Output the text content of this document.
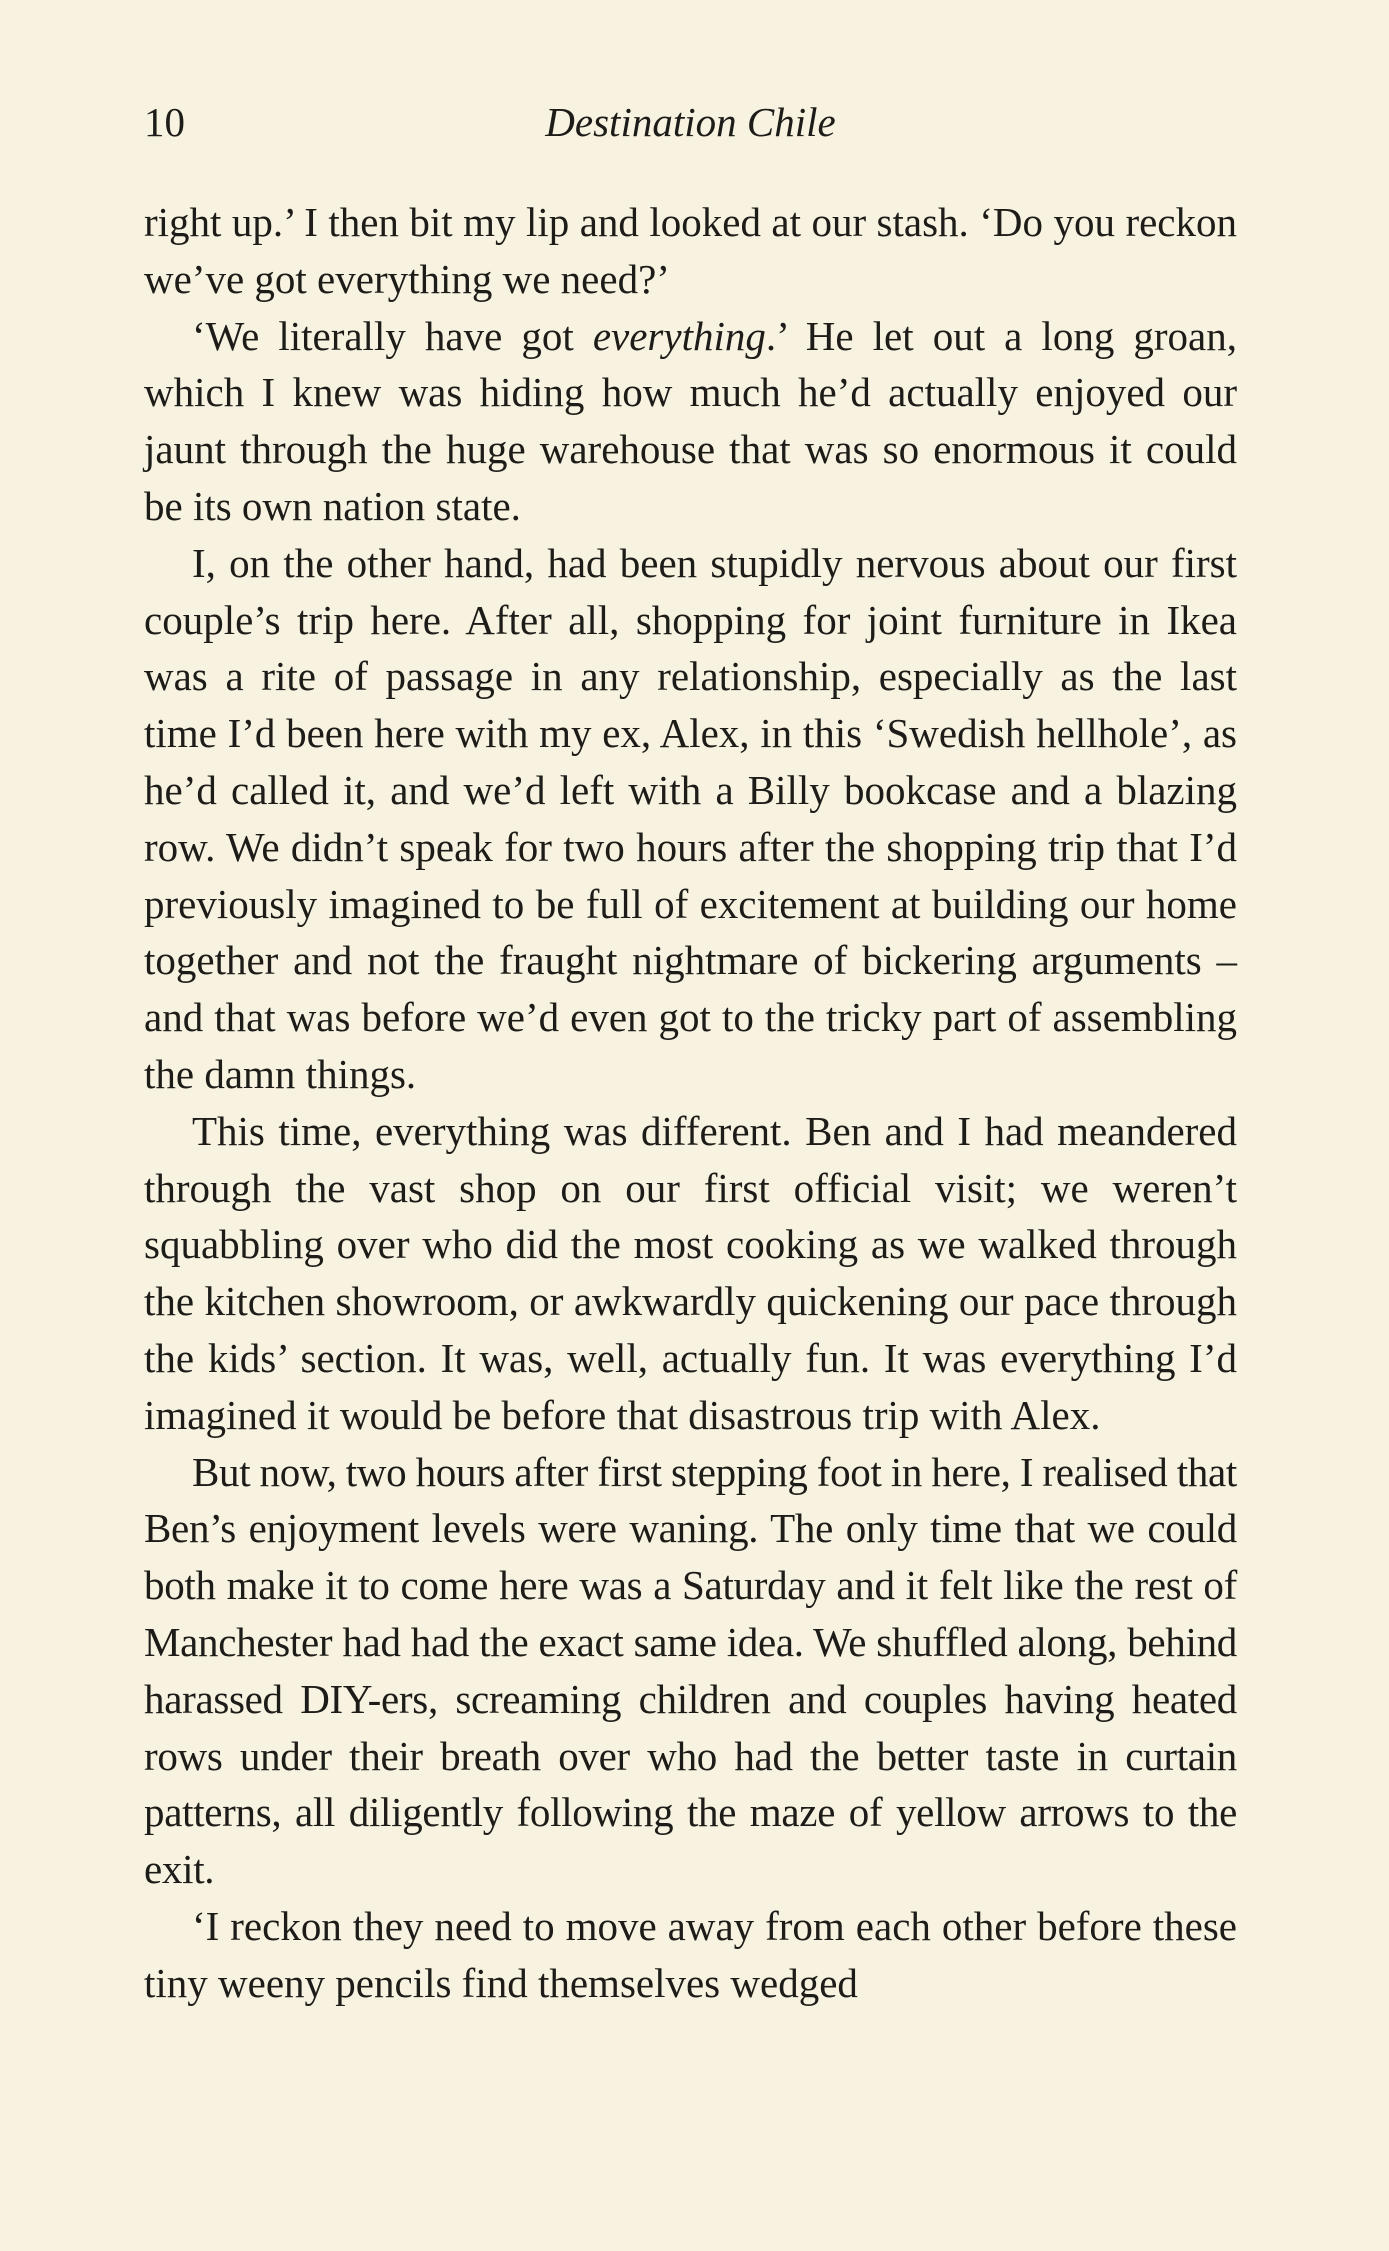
10	Destination Chile

right up.’ I then bit my lip and looked at our stash. ‘Do you reckon we’ve got everything we need?’

‘We literally have got everything.’ He let out a long groan, which I knew was hiding how much he’d actually enjoyed our jaunt through the huge warehouse that was so enormous it could be its own nation state.

I, on the other hand, had been stupidly nervous about our first couple’s trip here. After all, shopping for joint furniture in Ikea was a rite of passage in any relationship, especially as the last time I’d been here with my ex, Alex, in this ‘Swedish hellhole’, as he’d called it, and we’d left with a Billy bookcase and a blazing row. We didn’t speak for two hours after the shopping trip that I’d previously imagined to be full of excitement at building our home together and not the fraught nightmare of bickering arguments – and that was before we’d even got to the tricky part of assembling the damn things.

This time, everything was different. Ben and I had meandered through the vast shop on our first official visit; we weren’t squabbling over who did the most cooking as we walked through the kitchen showroom, or awkwardly quickening our pace through the kids’ section. It was, well, actually fun. It was everything I’d imagined it would be before that disastrous trip with Alex.

But now, two hours after first stepping foot in here, I realised that Ben’s enjoyment levels were waning. The only time that we could both make it to come here was a Saturday and it felt like the rest of Manchester had had the exact same idea. We shuffled along, behind harassed DIY-ers, screaming children and couples having heated rows under their breath over who had the better taste in curtain patterns, all diligently following the maze of yellow arrows to the exit.

‘I reckon they need to move away from each other before these tiny weeny pencils find themselves wedged
